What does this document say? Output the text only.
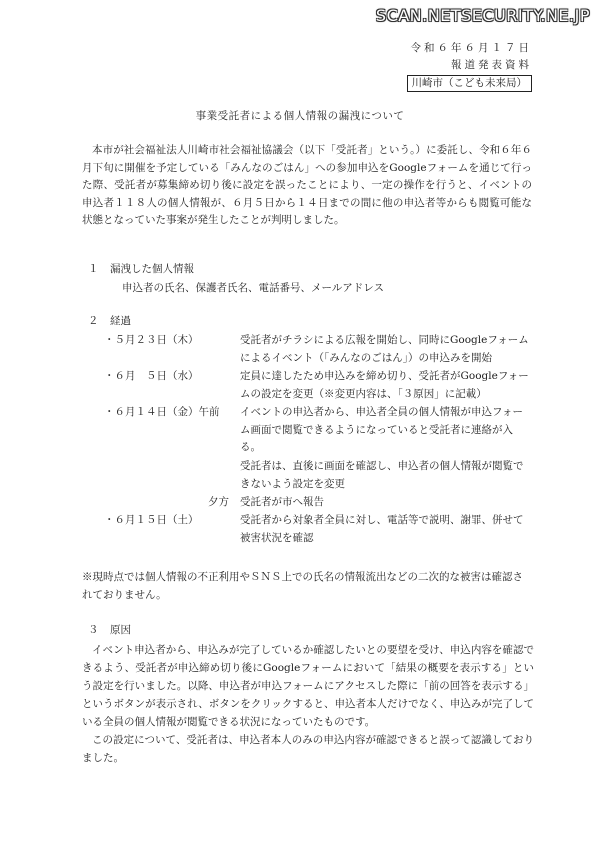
SCAN.NETSECURITY.NE.JP
令和６年６月１７日
報道発表資料
川崎市（こども未来局）
事業受託者による個人情報の漏洩について
本市が社会福祉法人川崎市社会福祉協議会（以下「受託者」という。）に委託し、令和６年６月下旬に開催を予定している「みんなのごはん」への参加申込をGoogleフォームを通じて行った際、受託者が募集締め切り後に設定を誤ったことにより、一定の操作を行うと、イベントの申込者１１８人の個人情報が、６月５日から１４日までの間に他の申込者等からも閲覧可能な状態となっていた事案が発生したことが判明しました。
１ 漏洩した個人情報
申込者の氏名、保護者氏名、電話番号、メールアドレス
２ 経過
・５月２３日（木）	受託者がチラシによる広報を開始し、同時にGoogleフォームによるイベント（「みんなのごはん」）の申込みを開始
・６月　５日（水）	定員に達したため申込みを締め切り、受託者がGoogleフォームの設定を変更（※変更内容は、「３原因」に記載）
・６月１４日（金）午前 イベントの申込者から、申込者全員の個人情報が申込フォーム画面で閲覧できるようになっていると受託者に連絡が入る。
受託者は、直後に画面を確認し、申込者の個人情報が閲覧できないよう設定を変更
夕方 受託者が市へ報告
・６月１５日（土）	受託者から対象者全員に対し、電話等で説明、謝罪、併せて被害状況を確認
※現時点では個人情報の不正利用やＳＮＳ上での氏名の情報流出などの二次的な被害は確認されておりません。
３ 原因

イベント申込者から、申込みが完了しているか確認したいとの要望を受け、申込内容を確認できるよう、受託者が申込締め切り後にGoogleフォームにおいて「結果の概要を表示する」という設定を行いました。以降、申込者が申込フォームにアクセスした際に「前の回答を表示する」というボタンが表示され、ボタンをクリックすると、申込者本人だけでなく、申込みが完了している全員の個人情報が閲覧できる状況になっていたものです。

この設定について、受託者は、申込者本人のみの申込内容が確認できると誤って認識しておりました。
